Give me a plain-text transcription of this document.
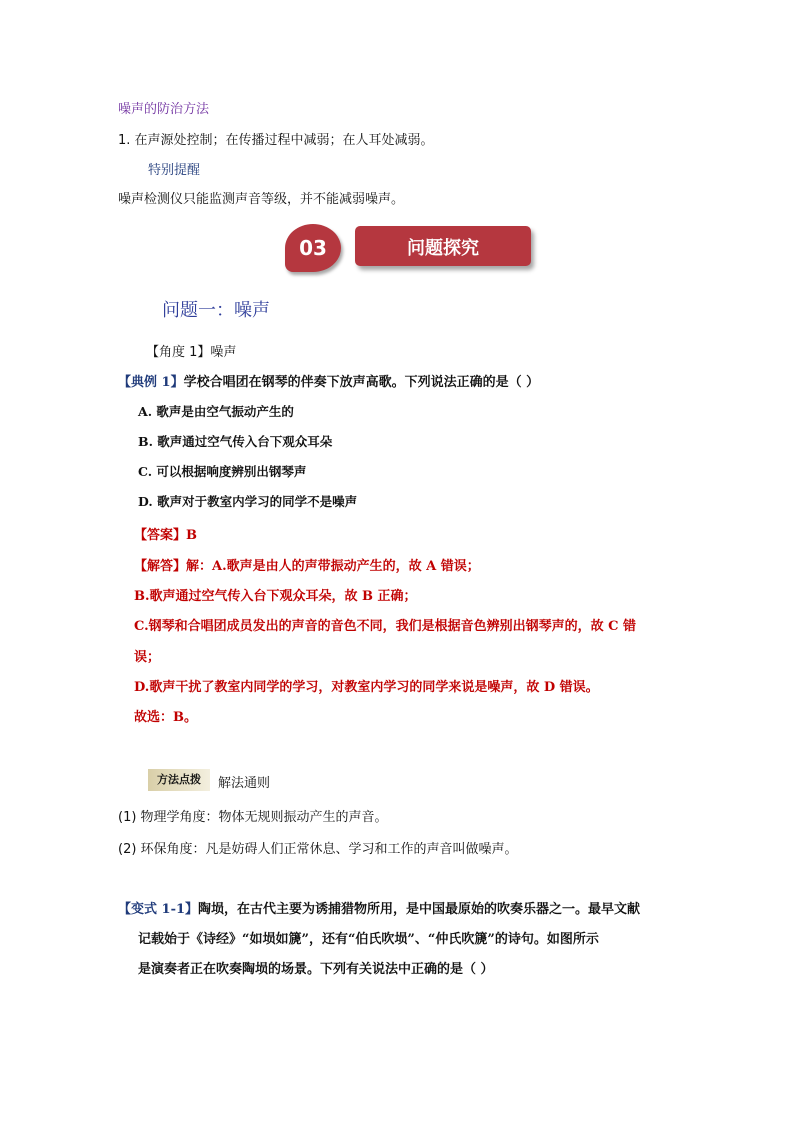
噪声的防治方法
1. 在声源处控制；在传播过程中减弱；在人耳处减弱。
特别提醒
噪声检测仪只能监测声音等级，并不能减弱噪声。
03	问题探究
问题一：噪声
【角度 1】噪声
【典例 1】学校合唱团在钢琴的伴奏下放声高歌。下列说法正确的是（ ）
A. 歌声是由空气振动产生的
B. 歌声通过空气传入台下观众耳朵
C. 可以根据响度辨别出钢琴声
D. 歌声对于教室内学习的同学不是噪声
【答案】B
【解答】解：A.歌声是由人的声带振动产生的，故 A 错误；
B.歌声通过空气传入台下观众耳朵，故 B 正确；
C.钢琴和合唱团成员发出的声音的音色不同，我们是根据音色辨别出钢琴声的，故 C 错
误；
D.歌声干扰了教室内同学的学习，对教室内学习的同学来说是噪声，故 D 错误。
故选：B。
方法点拨	解法通则
(1) 物理学角度：物体无规则振动产生的声音。
(2) 环保角度：凡是妨碍人们正常休息、学习和工作的声音叫做噪声。
【变式 1-1】陶埙，在古代主要为诱捕猎物所用，是中国最原始的吹奏乐器之一。最早文献
记载始于《诗经》“如埙如篪”，还有“伯氏吹埙”、“仲氏吹篪”的诗句。如图所示
是演奏者正在吹奏陶埙的场景。下列有关说法中正确的是（ ）
